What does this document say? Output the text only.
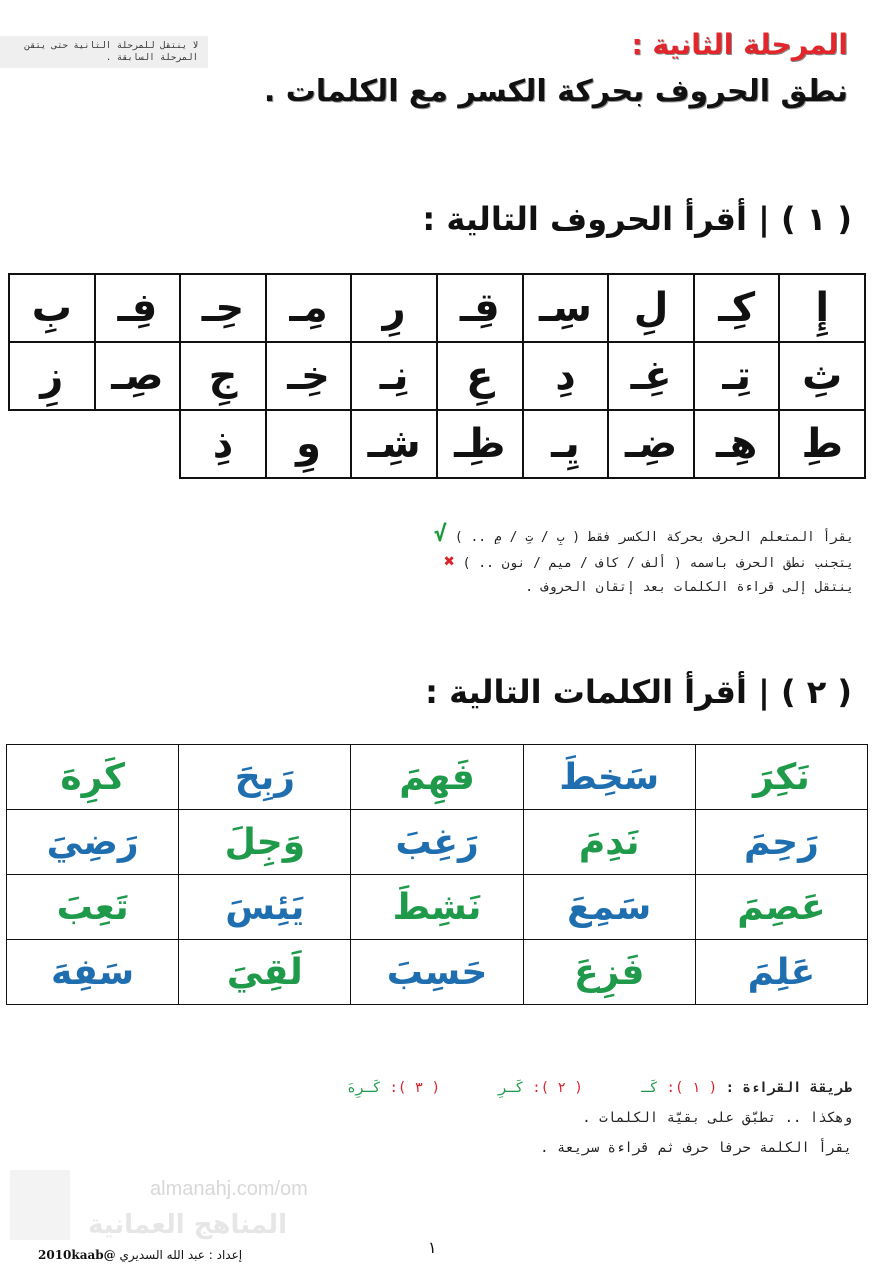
لا ينتقل للمرحلة الثانية حتى يتقن المرحلة السابقة .	المرحلة الثانية :
نطق الحروف بحركة الكسر مع الكلمات .
( ١ ) | أقرأ الحروف التالية :
إِ	كِـ	لِ	سِـ	قِـ	رِ	مِـ	حِـ	فِـ	بِ
ثِ	تِـ	غِـ	دِ	عِ	نِـ	خِـ	جِ	صِـ	زِ
طِ	هِـ	ضِـ	يِـ	ظِـ	شِـ	وِ	ذِ		
يقرأ المتعلم الحرف بحركة الكسر فقط ( بِ / تِ / مِ .. ) √
يتجنب نطق الحرف باسمه ( ألف / كاف / ميم / نون .. ) ✖
ينتقل إلى قراءة الكلمات بعد إتقان الحروف .
( ٢ ) | أقرأ الكلمات التالية :
نَكِرَ	سَخِطَ	فَهِمَ	رَبِحَ	كَرِهَ
رَحِمَ	نَدِمَ	رَغِبَ	وَجِلَ	رَضِيَ
عَصِمَ	سَمِعَ	نَشِطَ	يَئِسَ	تَعِبَ
عَلِمَ	فَزِعَ	حَسِبَ	لَقِيَ	سَفِهَ
طريقة القراءة : ( ١ ): كَـ ( ٢ ): كَـرِ ( ٣ ): كَـرِهَ
وهكذا .. تطبّق على بقيّة الكلمات .
يقرأ الكلمة حرفا حرف ثم قراءة سريعة .
almanahj.com/om
المناهج العمانية
١
إعداد : عبد الله السديري @2010kaab
